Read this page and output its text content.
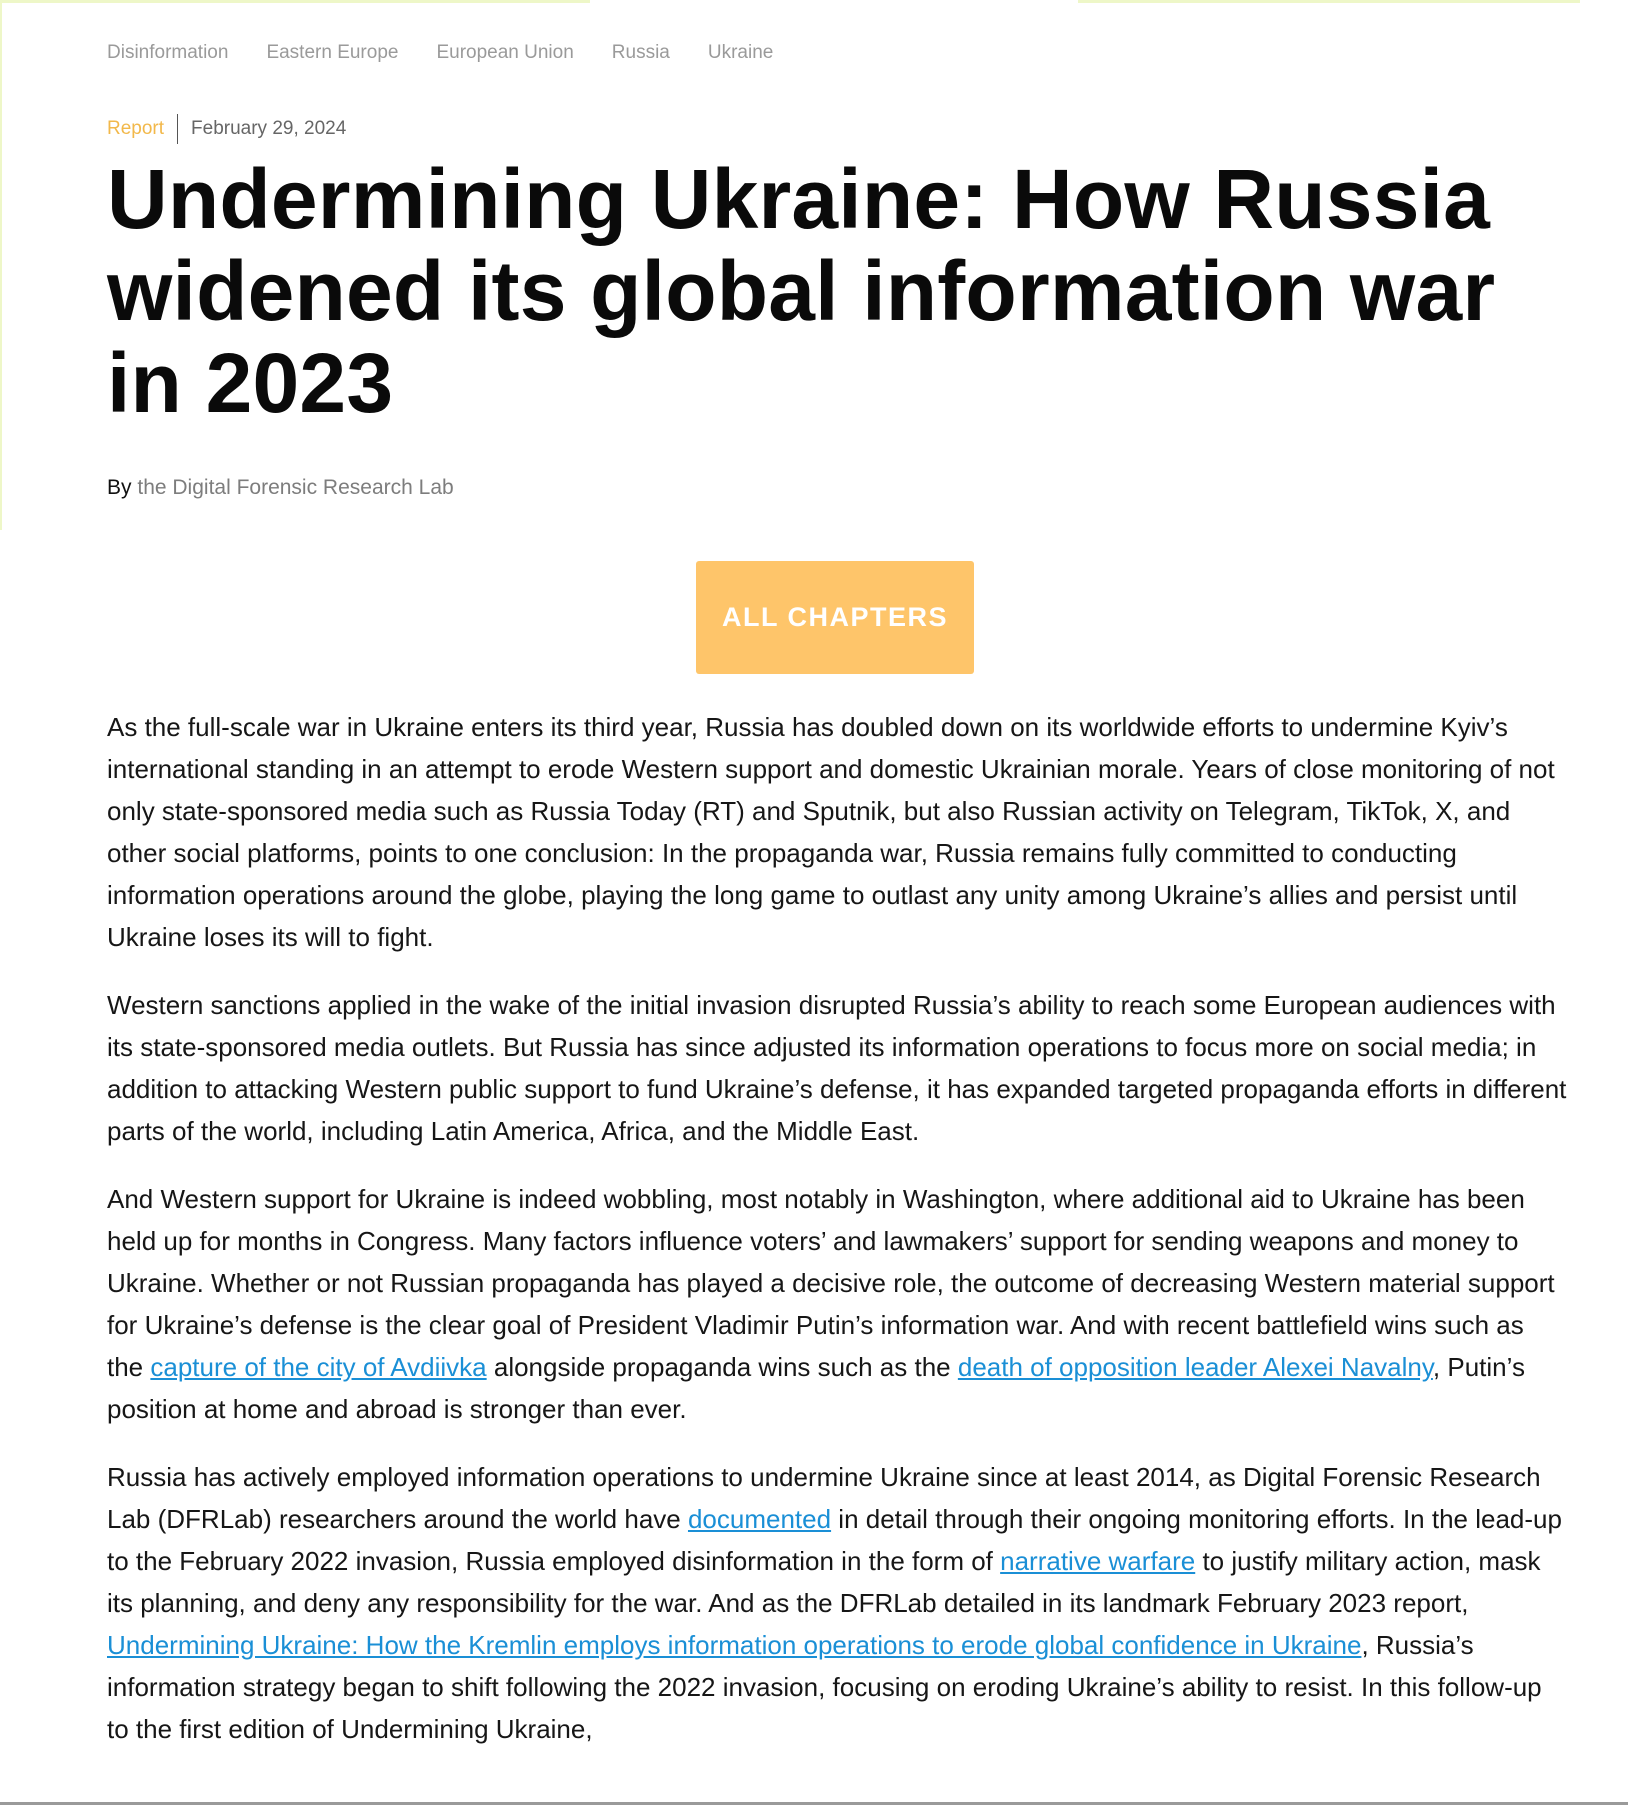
Disinformation Eastern Europe European Union Russia Ukraine
Report	February 29, 2024
Undermining Ukraine: How Russia widened its global information war in 2023
By the Digital Forensic Research Lab
ALL CHAPTERS

As the full-scale war in Ukraine enters its third year, Russia has doubled down on its worldwide efforts to undermine Kyiv’s international standing in an attempt to erode Western support and domestic Ukrainian morale. Years of close monitoring of not only state-sponsored media such as Russia Today (RT) and Sputnik, but also Russian activity on Telegram, TikTok, X, and other social platforms, points to one conclusion: In the propaganda war, Russia remains fully committed to conducting information operations around the globe, playing the long game to outlast any unity among Ukraine’s allies and persist until Ukraine loses its will to fight.

Western sanctions applied in the wake of the initial invasion disrupted Russia’s ability to reach some European audiences with its state-sponsored media outlets. But Russia has since adjusted its information operations to focus more on social media; in addition to attacking Western public support to fund Ukraine’s defense, it has expanded targeted propaganda efforts in different parts of the world, including Latin America, Africa, and the Middle East.

And Western support for Ukraine is indeed wobbling, most notably in Washington, where additional aid to Ukraine has been held up for months in Congress. Many factors influence voters’ and lawmakers’ support for sending weapons and money to Ukraine. Whether or not Russian propaganda has played a decisive role, the outcome of decreasing Western material support for Ukraine’s defense is the clear goal of President Vladimir Putin’s information war. And with recent battlefield wins such as the capture of the city of Avdiivka alongside propaganda wins such as the death of opposition leader Alexei Navalny, Putin’s position at home and abroad is stronger than ever.

Russia has actively employed information operations to undermine Ukraine since at least 2014, as Digital Forensic Research Lab (DFRLab) researchers around the world have documented in detail through their ongoing monitoring efforts. In the lead-up to the February 2022 invasion, Russia employed disinformation in the form of narrative warfare to justify military action, mask its planning, and deny any responsibility for the war. And as the DFRLab detailed in its landmark February 2023 report, Undermining Ukraine: How the Kremlin employs information operations to erode global confidence in Ukraine, Russia’s information strategy began to shift following the 2022 invasion, focusing on eroding Ukraine’s ability to resist. In this follow-up to the first edition of Undermining Ukraine,
